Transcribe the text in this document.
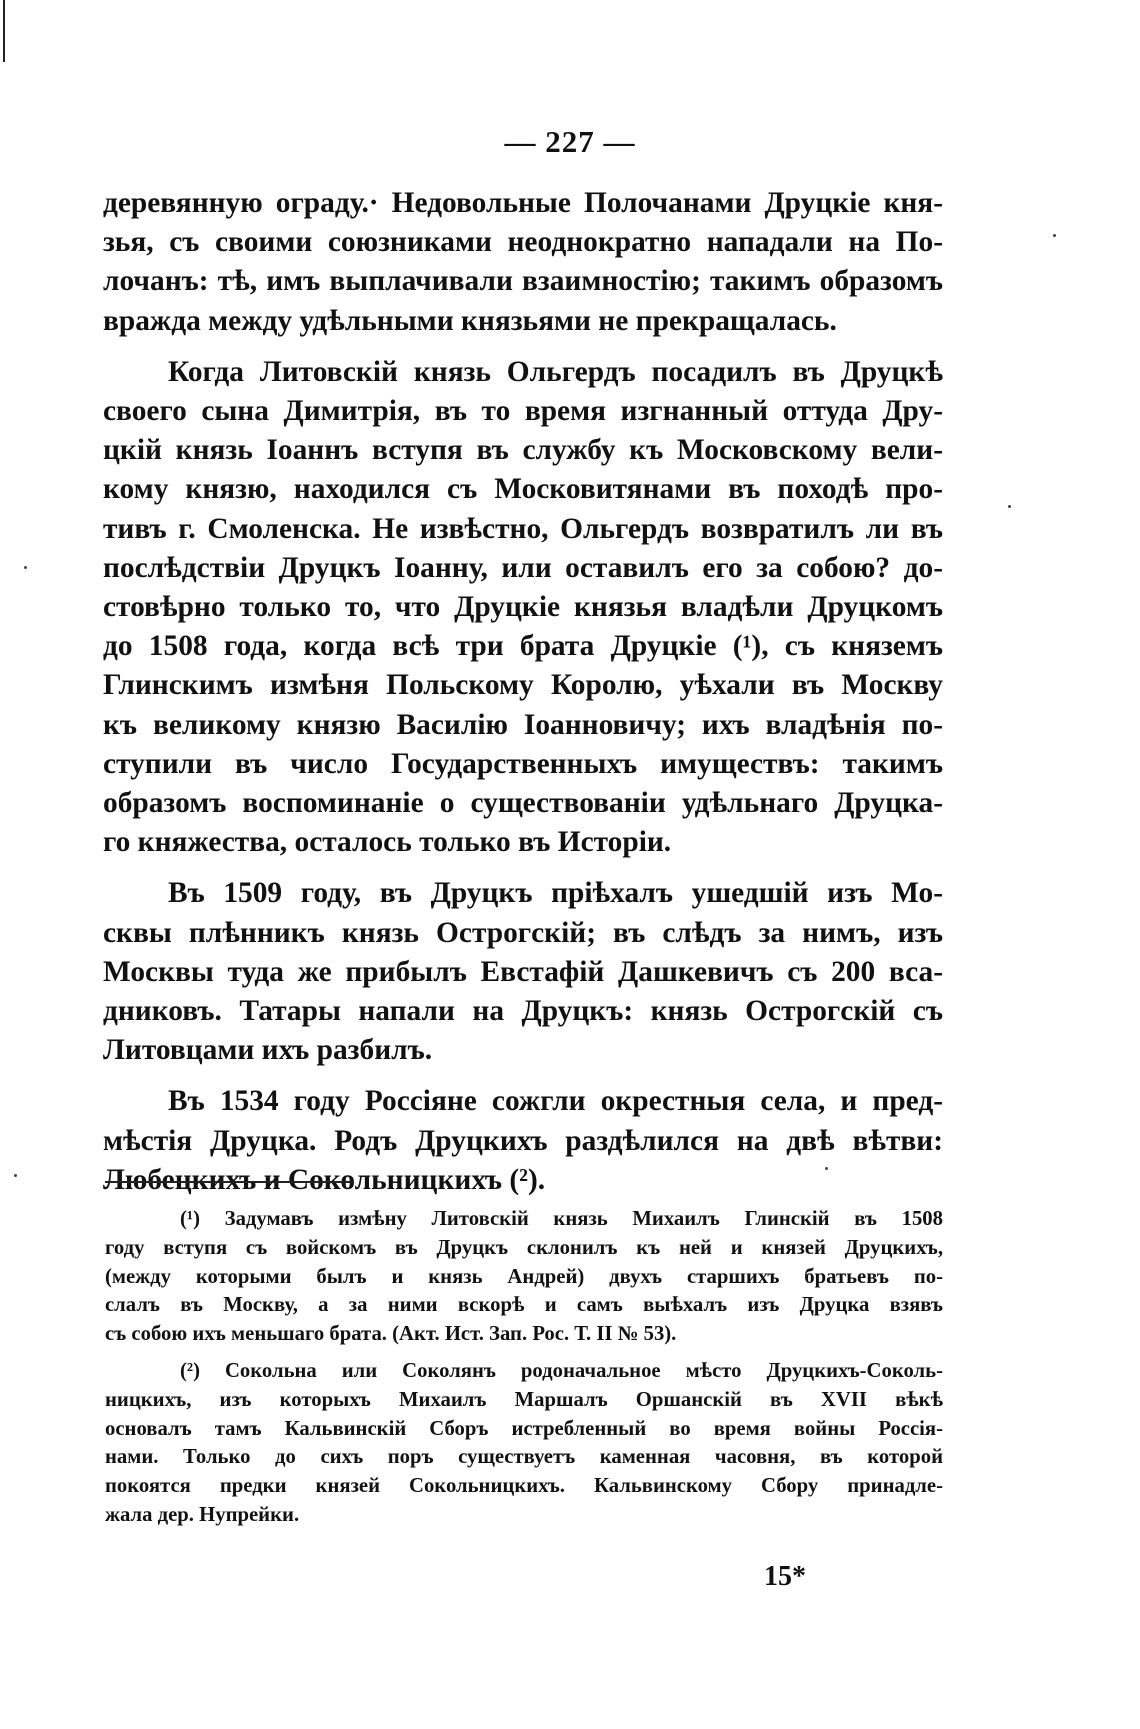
— 227 —
деревянную ограду.· Недовольные Полочанами Друцкіе кня-
зья, съ своими союзниками неоднократно нападали на По-
лочанъ: тѣ, имъ выплачивали взаимностію; такимъ образомъ
вражда между удѣльными князьями не прекращалась.
Когда Литовскій князь Ольгердъ посадилъ въ Друцкѣ
своего сына Димитрія, въ то время изгнанный оттуда Дру-
цкій князь Іоаннъ вступя въ службу къ Московскому вели-
кому князю, находился съ Московитянами въ походѣ про-
тивъ г. Смоленска. Не извѣстно, Ольгердъ возвратилъ ли въ
послѣдствіи Друцкъ Іоанну, или оставилъ его за собою? до-
стовѣрно только то, что Друцкіе князья владѣли Друцкомъ
до 1508 года, когда всѣ три брата Друцкіе (¹), съ княземъ
Глинскимъ измѣня Польскому Королю, уѣхали въ Москву
къ великому князю Василію Іоанновичу; ихъ владѣнія по-
ступили въ число Государственныхъ имуществъ: такимъ
образомъ воспоминаніе о существованіи удѣльнаго Друцка-
го княжества, осталось только въ Исторіи.
Въ 1509 году, въ Друцкъ пріѣхалъ ушедшій изъ Мо-
сквы плѣнникъ князь Острогскій; въ слѣдъ за нимъ, изъ
Москвы туда же прибылъ Евстафій Дашкевичъ съ 200 вса-
дниковъ. Татары напали на Друцкъ: князь Острогскій съ
Литовцами ихъ разбилъ.
Въ 1534 году Россіяне сожгли окрестныя села, и пред-
мѣстія Друцка. Родъ Друцкихъ раздѣлился на двѣ вѣтви:
Любецкихъ и Сокольницкихъ (²).
(¹) Задумавъ измѣну Литовскій князь Михаилъ Глинскій въ 1508
году вступя съ войскомъ въ Друцкъ склонилъ къ ней и князей Друцкихъ,
(между которыми былъ и князь Андрей) двухъ старшихъ братьевъ по-
слалъ въ Москву, а за ними вскорѣ и самъ выѣхалъ изъ Друцка взявъ
съ собою ихъ меньшаго брата. (Акт. Ист. Зап. Рос. Т. II № 53).
(²) Сокольна или Соколянъ родоначальное мѣсто Друцкихъ-Соколь-
ницкихъ, изъ которыхъ Михаилъ Маршалъ Оршанскій въ XVII вѣкѣ
основалъ тамъ Кальвинскій Сборъ истребленный во время войны Россія-
нами. Только до сихъ поръ существуетъ каменная часовня, въ которой
покоятся предки князей Сокольницкихъ. Кальвинскому Сбору принадле-
жала дер. Нупрейки.
15*
